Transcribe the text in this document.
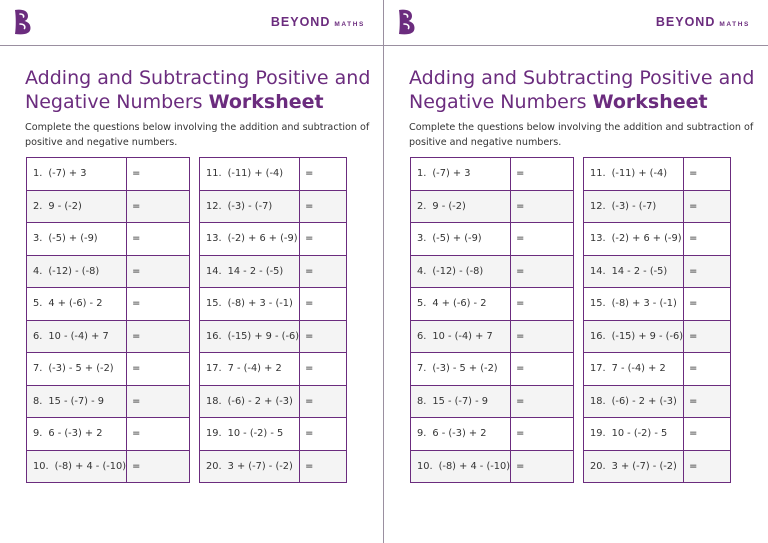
BEYOND MATHS
Adding and Subtracting Positive and Negative Numbers Worksheet

Complete the questions below involving the addition and subtraction of positive and negative numbers.

1. (-7) + 3	=
2. 9 - (-2)	=
3. (-5) + (-9)	=
4. (-12) - (-8)	=
5. 4 + (-6) - 2	=
6. 10 - (-4) + 7	=
7. (-3) - 5 + (-2)	=
8. 15 - (-7) - 9	=
9. 6 - (-3) + 2	=
10. (-8) + 4 - (-10)	=
11. (-11) + (-4)	=
12. (-3) - (-7)	=
13. (-2) + 6 + (-9)	=
14. 14 - 2 - (-5)	=
15. (-8) + 3 - (-1)	=
16. (-15) + 9 - (-6)	=
17. 7 - (-4) + 2	=
18. (-6) - 2 + (-3)	=
19. 10 - (-2) - 5	=
20. 3 + (-7) - (-2)	=
BEYOND MATHS
Adding and Subtracting Positive and Negative Numbers Worksheet

Complete the questions below involving the addition and subtraction of positive and negative numbers.

1. (-7) + 3	=
2. 9 - (-2)	=
3. (-5) + (-9)	=
4. (-12) - (-8)	=
5. 4 + (-6) - 2	=
6. 10 - (-4) + 7	=
7. (-3) - 5 + (-2)	=
8. 15 - (-7) - 9	=
9. 6 - (-3) + 2	=
10. (-8) + 4 - (-10)	=
11. (-11) + (-4)	=
12. (-3) - (-7)	=
13. (-2) + 6 + (-9)	=
14. 14 - 2 - (-5)	=
15. (-8) + 3 - (-1)	=
16. (-15) + 9 - (-6)	=
17. 7 - (-4) + 2	=
18. (-6) - 2 + (-3)	=
19. 10 - (-2) - 5	=
20. 3 + (-7) - (-2)	=
